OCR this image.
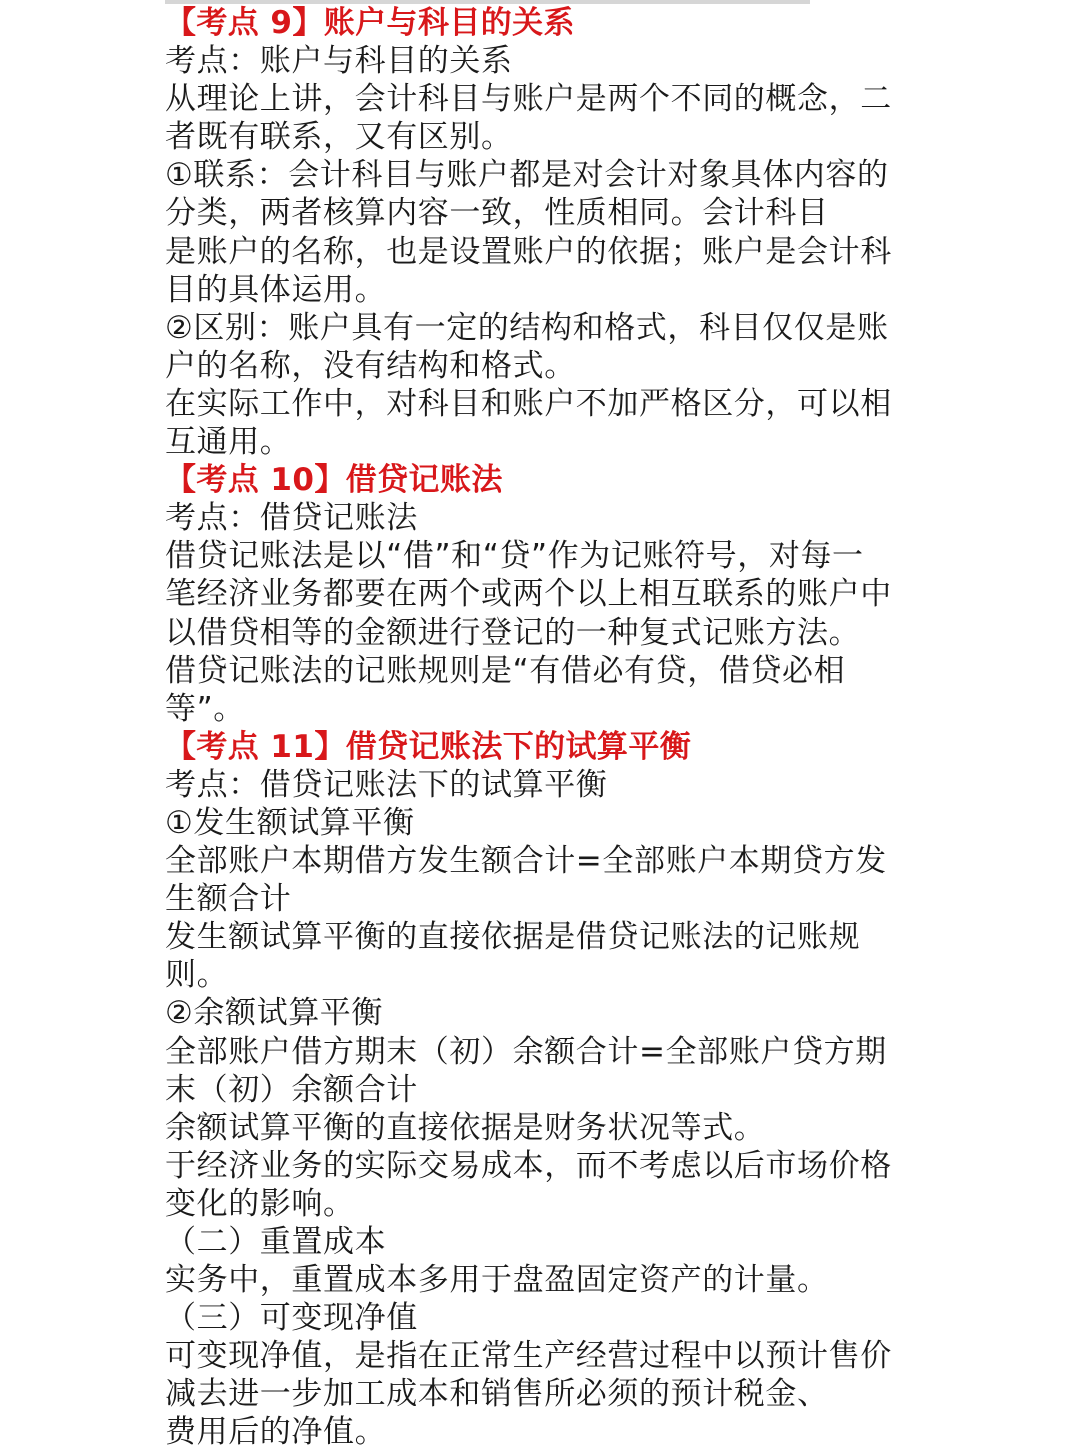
【考点 9】账户与科目的关系
考点：账户与科目的关系
从理论上讲，会计科目与账户是两个不同的概念，二
者既有联系，又有区别。
①联系：会计科目与账户都是对会计对象具体内容的
分类，两者核算内容一致，性质相同。会计科目
是账户的名称，也是设置账户的依据；账户是会计科
目的具体运用。
②区别：账户具有一定的结构和格式，科目仅仅是账
户的名称，没有结构和格式。
在实际工作中，对科目和账户不加严格区分，可以相
互通用。
【考点 10】借贷记账法
考点：借贷记账法
借贷记账法是以“借”和“贷”作为记账符号，对每一
笔经济业务都要在两个或两个以上相互联系的账户中
以借贷相等的金额进行登记的一种复式记账方法。
借贷记账法的记账规则是“有借必有贷，借贷必相
等”。
【考点 11】借贷记账法下的试算平衡
考点：借贷记账法下的试算平衡
①发生额试算平衡
全部账户本期借方发生额合计=全部账户本期贷方发
生额合计
发生额试算平衡的直接依据是借贷记账法的记账规
则。
②余额试算平衡
全部账户借方期末（初）余额合计=全部账户贷方期
末（初）余额合计
余额试算平衡的直接依据是财务状况等式。
于经济业务的实际交易成本，而不考虑以后市场价格
变化的影响。
（二）重置成本
实务中，重置成本多用于盘盈固定资产的计量。
（三）可变现净值
可变现净值，是指在正常生产经营过程中以预计售价
减去进一步加工成本和销售所必须的预计税金、
费用后的净值。
